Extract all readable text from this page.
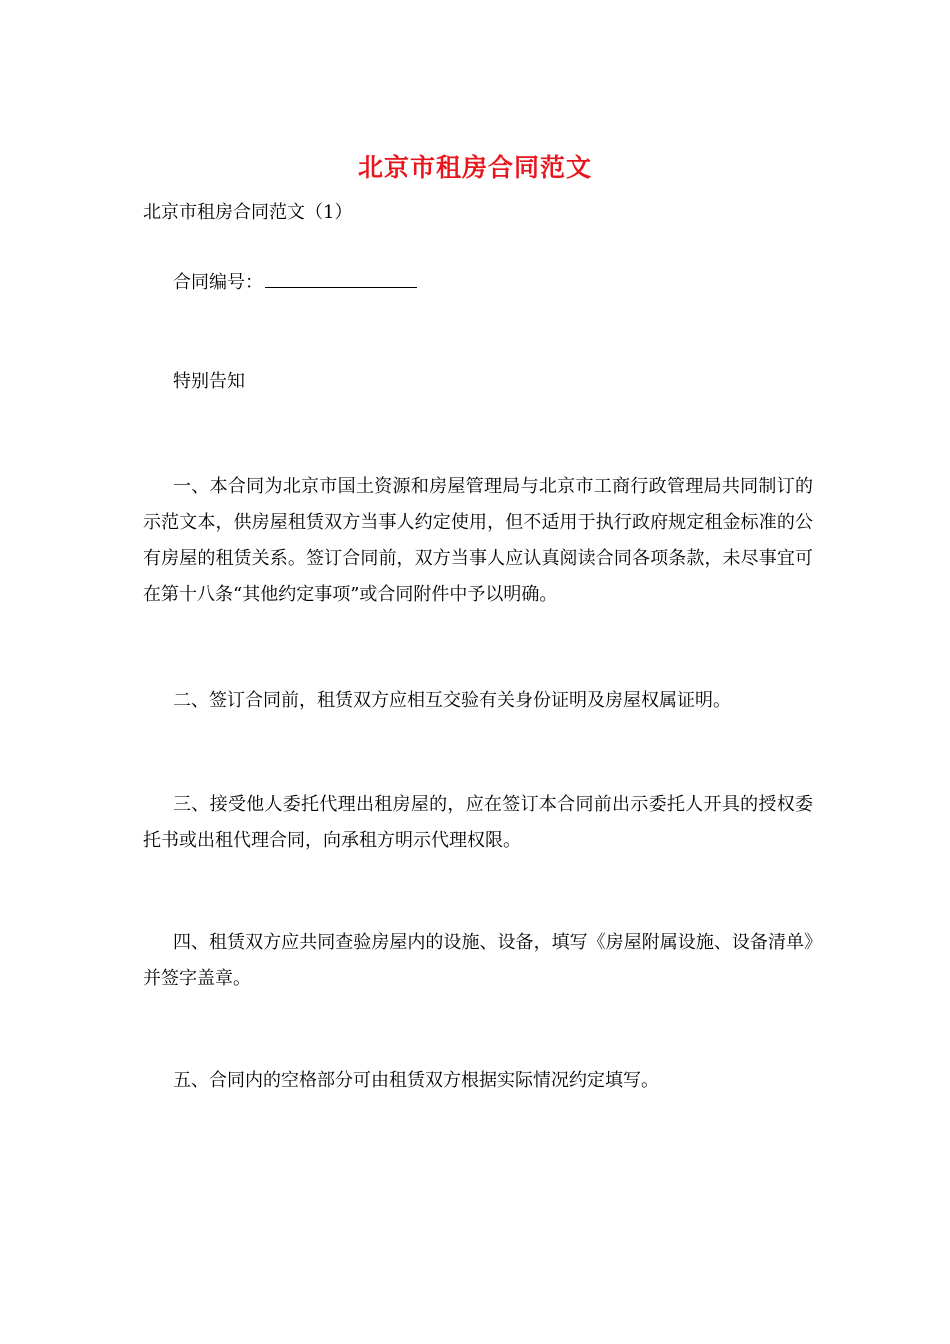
北京市租房合同范文
北京市租房合同范文（1）
合同编号：
特别告知

一、本合同为北京市国土资源和房屋管理局与北京市工商行政管理局共同制订的示范文本，供房屋租赁双方当事人约定使用，但不适用于执行政府规定租金标准的公有房屋的租赁关系。签订合同前，双方当事人应认真阅读合同各项条款，未尽事宜可在第十八条“其他约定事项”或合同附件中予以明确。

二、签订合同前，租赁双方应相互交验有关身份证明及房屋权属证明。

三、接受他人委托代理出租房屋的，应在签订本合同前出示委托人开具的授权委托书或出租代理合同，向承租方明示代理权限。

四、租赁双方应共同查验房屋内的设施、设备，填写《房屋附属设施、设备清单》并签字盖章。

五、合同内的空格部分可由租赁双方根据实际情况约定填写。
